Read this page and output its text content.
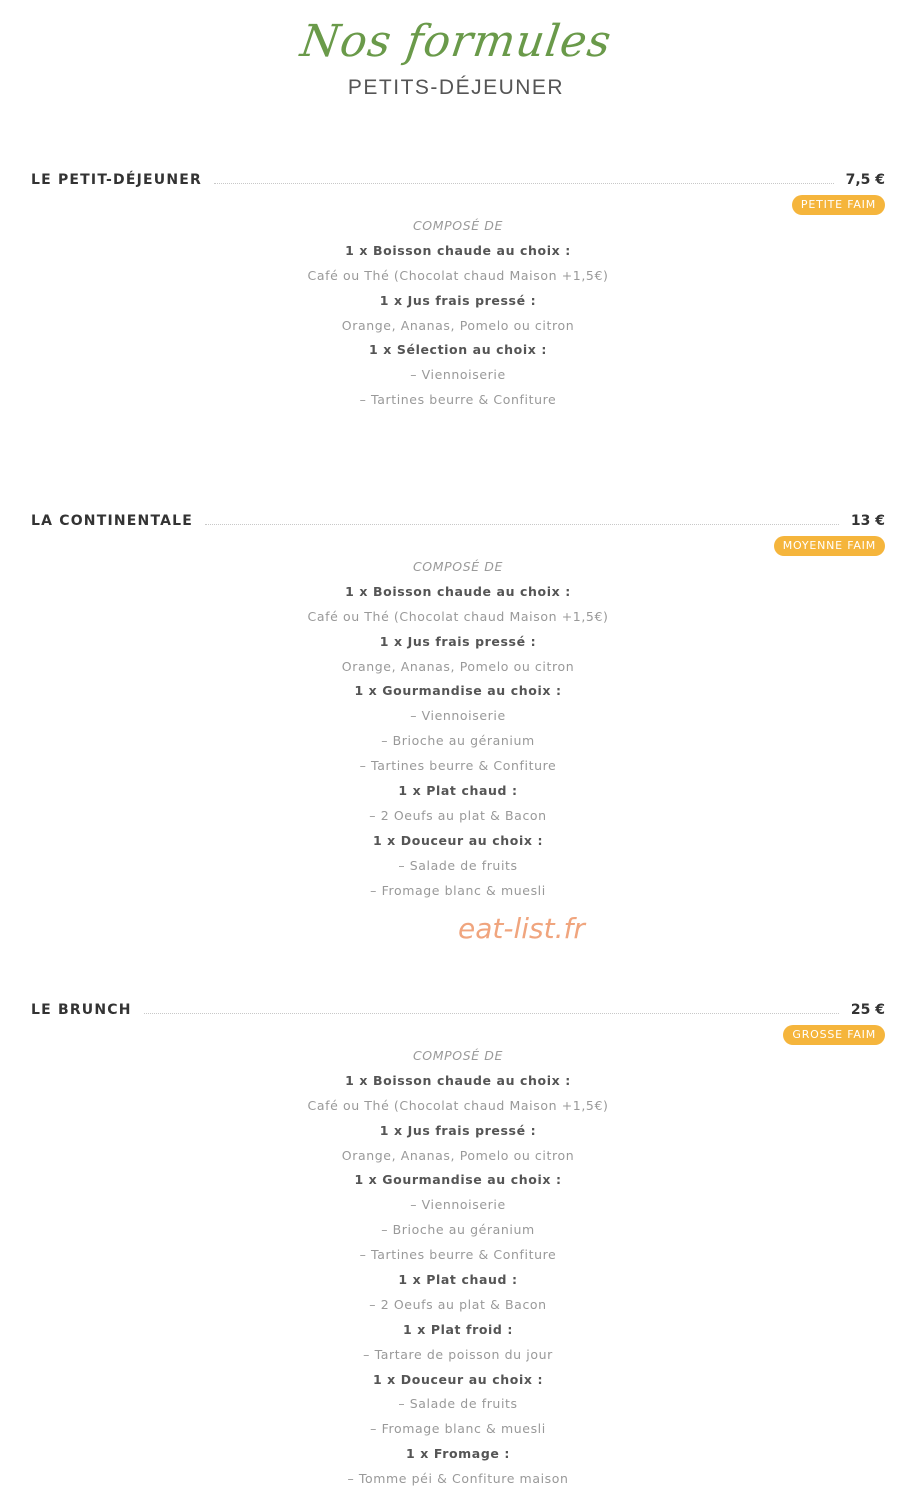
Nos formules
PETITS-DÉJEUNER
LE PETIT-DÉJEUNER	7,5 €
PETITE FAIM
COMPOSÉ DE
1 x Boisson chaude au choix :
Café ou Thé (Chocolat chaud Maison +1,5€)
1 x Jus frais pressé :
Orange, Ananas, Pomelo ou citron
1 x Sélection au choix :
– Viennoiserie
– Tartines beurre & Confiture
LA CONTINENTALE	13 €
MOYENNE FAIM
COMPOSÉ DE
1 x Boisson chaude au choix :
Café ou Thé (Chocolat chaud Maison +1,5€)
1 x Jus frais pressé :
Orange, Ananas, Pomelo ou citron
1 x Gourmandise au choix :
– Viennoiserie
– Brioche au géranium
– Tartines beurre & Confiture
1 x Plat chaud :
– 2 Oeufs au plat & Bacon
1 x Douceur au choix :
– Salade de fruits
– Fromage blanc & muesli
eat-list.fr
LE BRUNCH	25 €
GROSSE FAIM
COMPOSÉ DE
1 x Boisson chaude au choix :
Café ou Thé (Chocolat chaud Maison +1,5€)
1 x Jus frais pressé :
Orange, Ananas, Pomelo ou citron
1 x Gourmandise au choix :
– Viennoiserie
– Brioche au géranium
– Tartines beurre & Confiture
1 x Plat chaud :
– 2 Oeufs au plat & Bacon
1 x Plat froid :
– Tartare de poisson du jour
1 x Douceur au choix :
– Salade de fruits
– Fromage blanc & muesli
1 x Fromage :
– Tomme péi & Confiture maison
